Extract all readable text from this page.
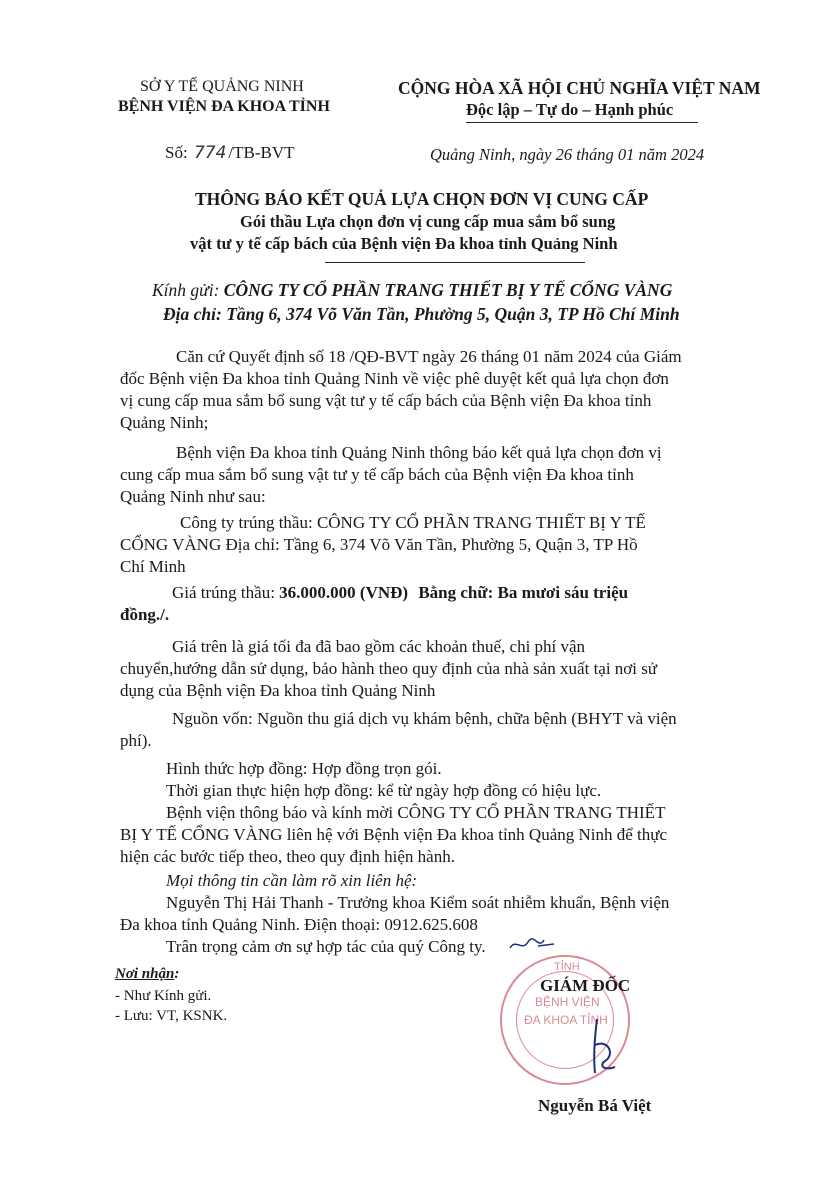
SỞ Y TẾ QUẢNG NINH
BỆNH VIỆN ĐA KHOA TỈNH
Số: 774 /TB-BVT
CỘNG HÒA XÃ HỘI CHỦ NGHĨA VIỆT NAM
Độc lập – Tự do – Hạnh phúc
Quảng Ninh, ngày 26 tháng 01 năm 2024
THÔNG BÁO KẾT QUẢ LỰA CHỌN ĐƠN VỊ CUNG CẤP
Gói thầu Lựa chọn đơn vị cung cấp mua sắm bổ sung
vật tư y tế cấp bách của Bệnh viện Đa khoa tỉnh Quảng Ninh
Kính gửi: CÔNG TY CỔ PHẦN TRANG THIẾT BỊ Y TẾ CỔNG VÀNG
Địa chỉ: Tầng 6, 374 Võ Văn Tần, Phường 5, Quận 3, TP Hồ Chí Minh
Căn cứ Quyết định số 18 /QĐ-BVT ngày 26 tháng 01 năm 2024 của Giám
đốc Bệnh viện Đa khoa tỉnh Quảng Ninh về việc phê duyệt kết quả lựa chọn đơn
vị cung cấp mua sắm bổ sung vật tư y tế cấp bách của Bệnh viện Đa khoa tỉnh
Quảng Ninh;
Bệnh viện Đa khoa tỉnh Quảng Ninh thông báo kết quả lựa chọn đơn vị
cung cấp mua sắm bổ sung vật tư y tế cấp bách của Bệnh viện Đa khoa tỉnh
Quảng Ninh như sau:
Công ty trúng thầu: CÔNG TY CỔ PHẦN TRANG THIẾT BỊ Y TẾ
CỔNG VÀNG Địa chỉ: Tầng 6, 374 Võ Văn Tần, Phường 5, Quận 3, TP Hồ
Chí Minh
Giá trúng thầu: 36.000.000 (VNĐ) Bằng chữ: Ba mươi sáu triệu
đồng./.
Giá trên là giá tối đa đã bao gồm các khoản thuế, chi phí vận
chuyển,hướng dẫn sử dụng, bảo hành theo quy định của nhà sản xuất tại nơi sử
dụng của Bệnh viện Đa khoa tỉnh Quảng Ninh
Nguồn vốn: Nguồn thu giá dịch vụ khám bệnh, chữa bệnh (BHYT và viện
phí).
Hình thức hợp đồng: Hợp đồng trọn gói.
Thời gian thực hiện hợp đồng: kể từ ngày hợp đồng có hiệu lực.
Bệnh viện thông báo và kính mời CÔNG TY CỔ PHẦN TRANG THIẾT
BỊ Y TẾ CỔNG VÀNG liên hệ với Bệnh viện Đa khoa tỉnh Quảng Ninh để thực
hiện các bước tiếp theo, theo quy định hiện hành.
Mọi thông tin cần làm rõ xin liên hệ:
Nguyễn Thị Hải Thanh - Trưởng khoa Kiểm soát nhiễm khuẩn, Bệnh viện
Đa khoa tỉnh Quảng Ninh. Điện thoại: 0912.625.608
Trân trọng cảm ơn sự hợp tác của quý Công ty.
Nơi nhận:
- Như Kính gửi.
- Lưu: VT, KSNK.
TỈNH
BỆNH VIỆN
ĐA KHOA TỈNH
GIÁM ĐỐC
Nguyễn Bá Việt
